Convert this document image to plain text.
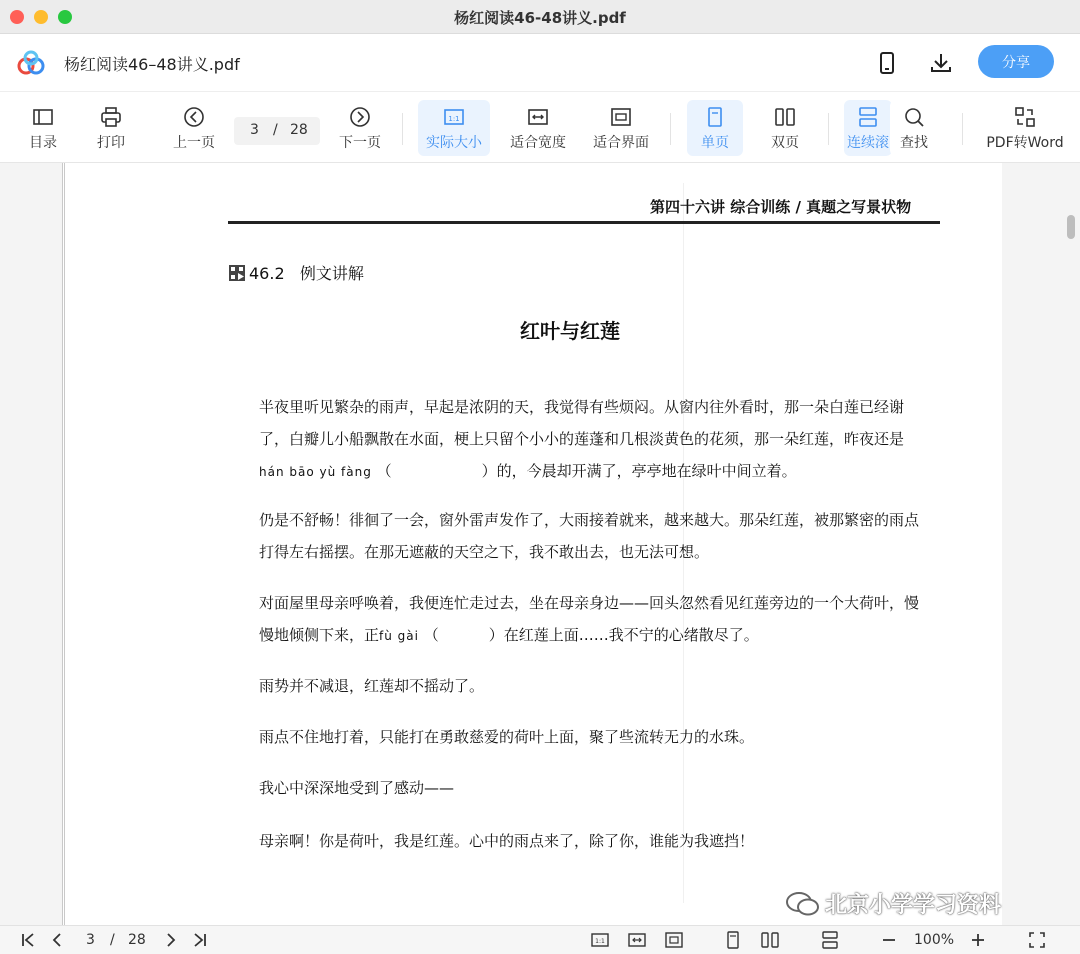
杨红阅读46-48讲义.pdf
杨红阅读46–48讲义.pdf	分享
目录	打印	上一页
3 / 28
下一页
1:1
实际大小	适合宽度	适合界面	单页	双页	连续滚 查找	PDF转Word
第四十六讲 综合训练 / 真题之写景状物
46.2 例文讲解
红叶与红莲
半夜里听见繁杂的雨声，早起是浓阴的天，我觉得有些烦闷。从窗内往外看时，那一朵白莲已经谢了，白瓣儿小船飘散在水面，梗上只留个小小的莲蓬和几根淡黄色的花须，那一朵红莲，昨夜还是hán bāo yù fàng （	）的，今晨却开满了，亭亭地在绿叶中间立着。
仍是不舒畅！徘徊了一会，窗外雷声发作了，大雨接着就来，越来越大。那朵红莲，被那繁密的雨点打得左右摇摆。在那无遮蔽的天空之下，我不敢出去，也无法可想。
对面屋里母亲呼唤着，我便连忙走过去，坐在母亲身边——回头忽然看见红莲旁边的一个大荷叶，慢慢地倾侧下来，正fù gài （	）在红莲上面……我不宁的心绪散尽了。
雨势并不减退，红莲却不摇动了。
雨点不住地打着，只能打在勇敢慈爱的荷叶上面，聚了些流转无力的水珠。
我心中深深地受到了感动——
母亲啊！你是荷叶，我是红莲。心中的雨点来了，除了你，谁能为我遮挡！
北京小学学习资料
3 / 28	1:1	100%
